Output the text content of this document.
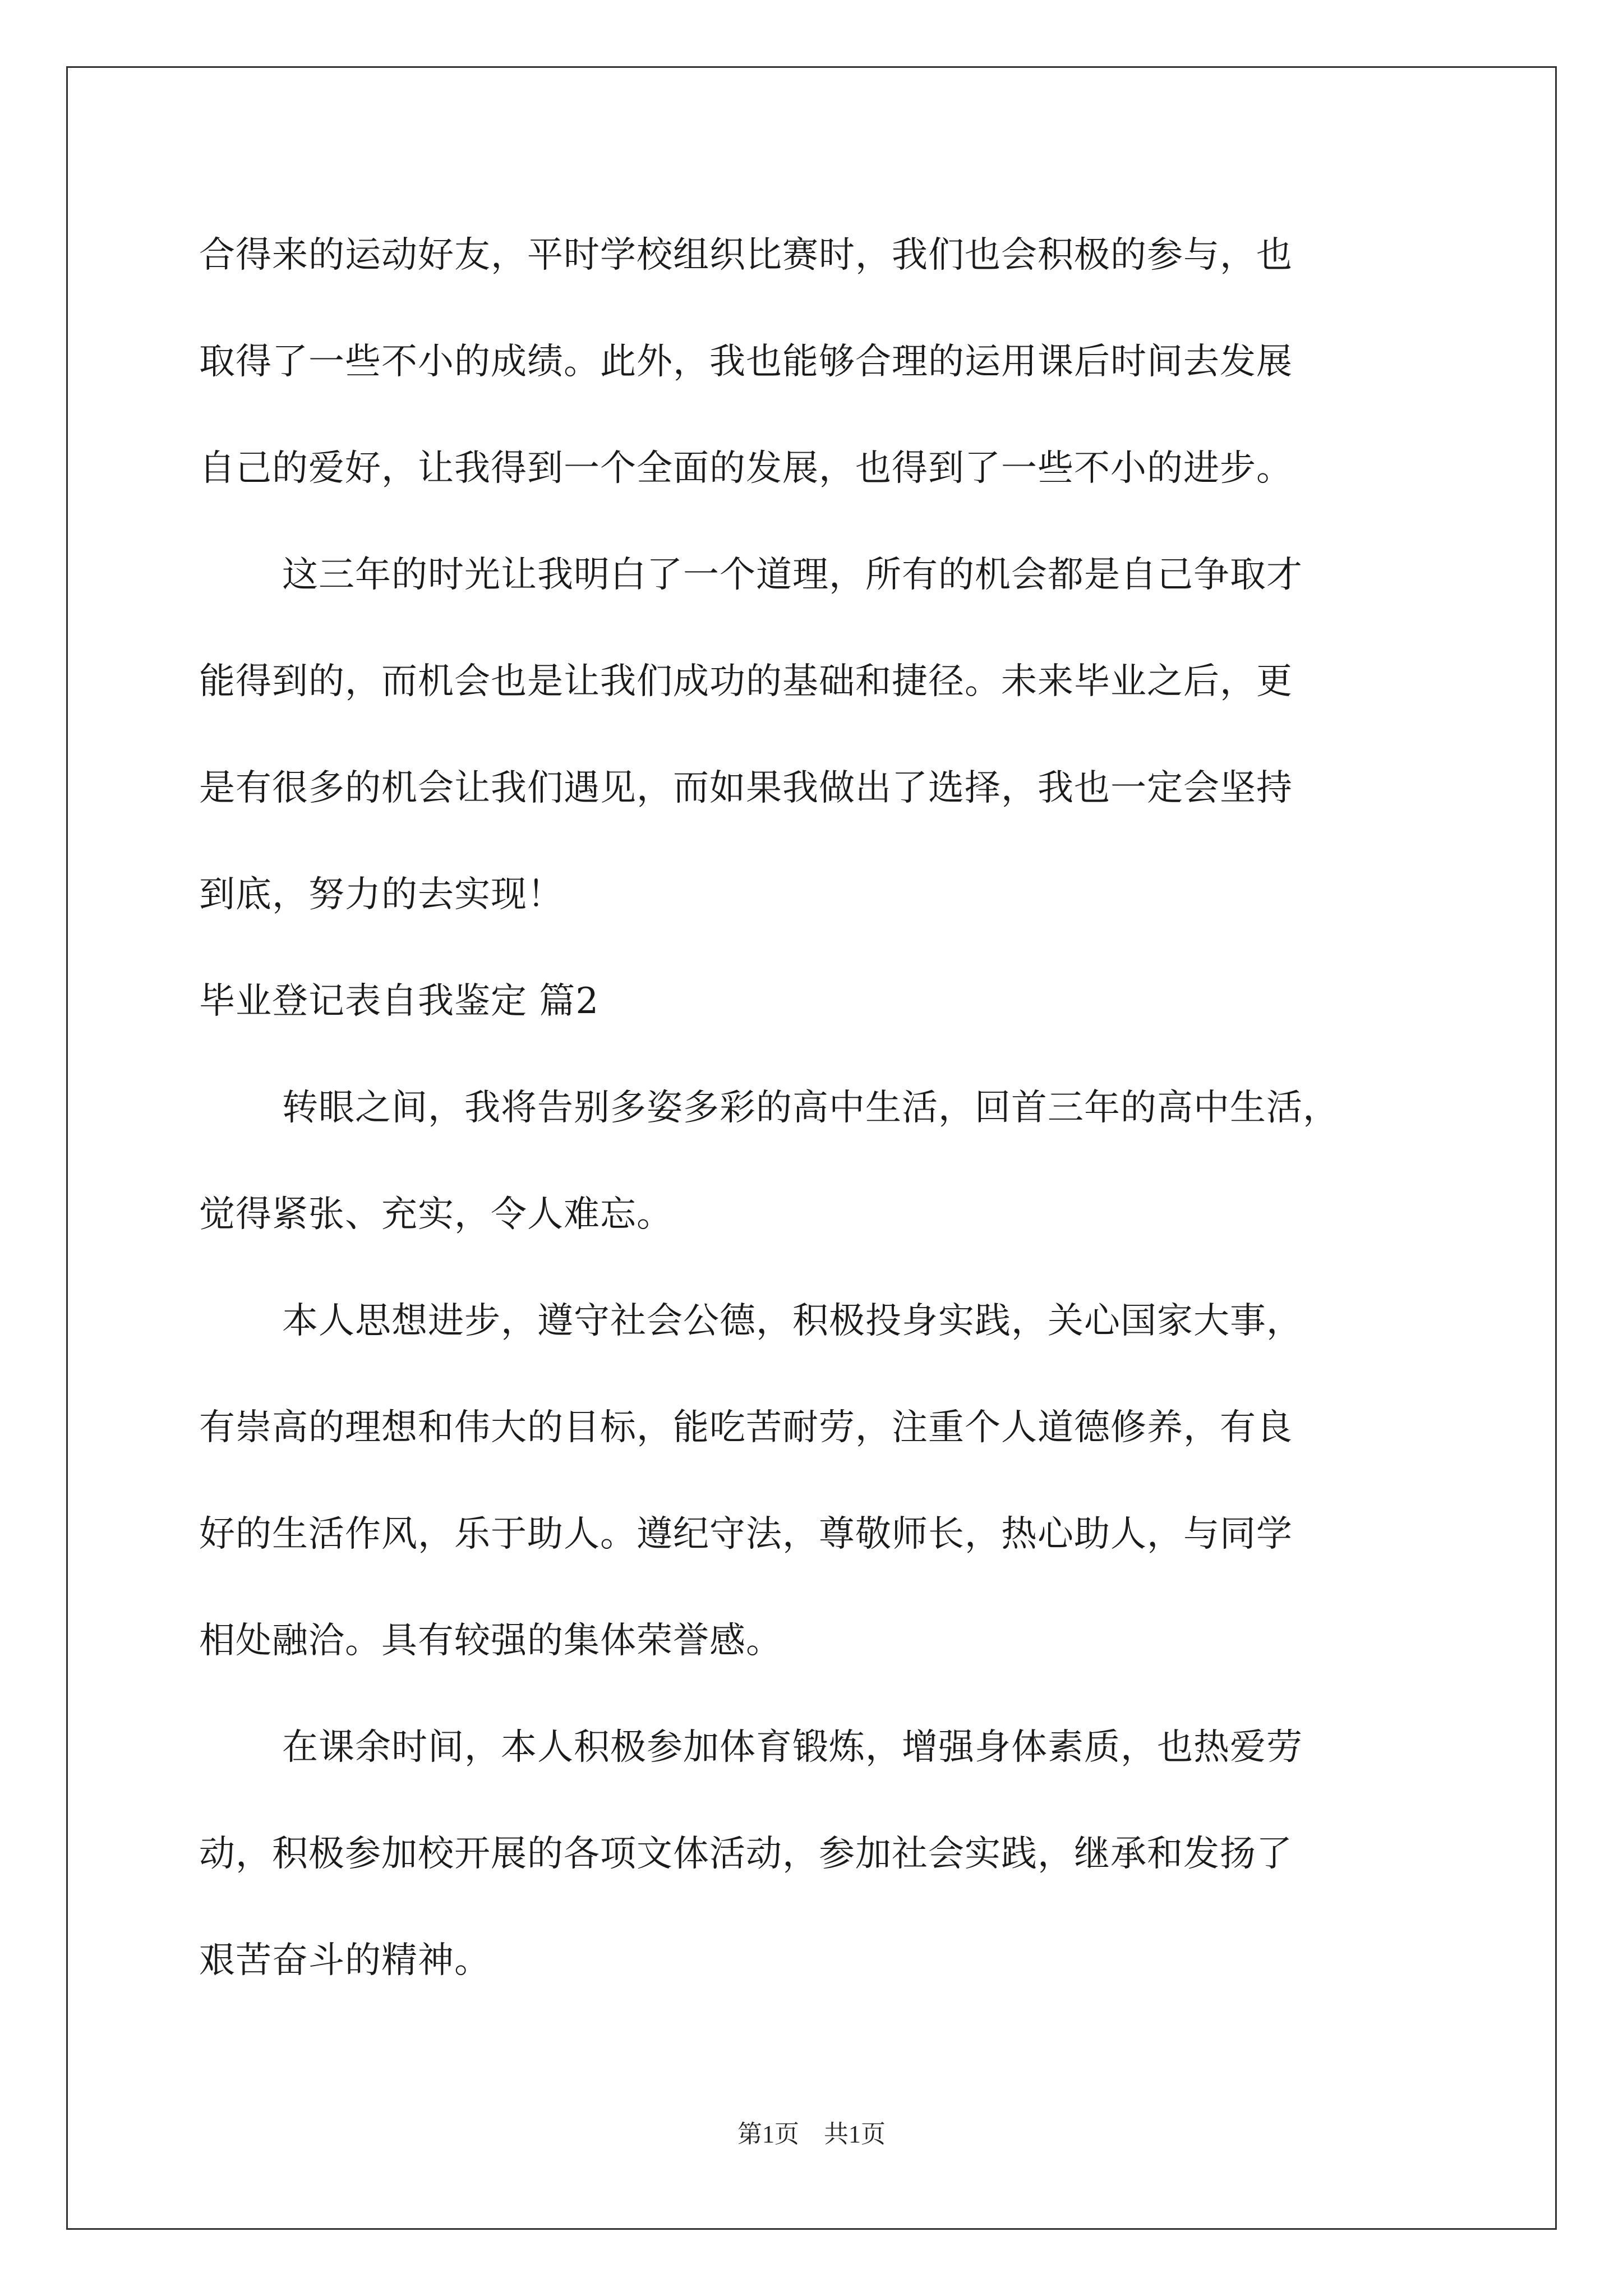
合得来的运动好友，平时学校组织比赛时，我们也会积极的参与，也
取得了一些不小的成绩。此外，我也能够合理的运用课后时间去发展
自己的爱好，让我得到一个全面的发展，也得到了一些不小的进步。
这三年的时光让我明白了一个道理，所有的机会都是自己争取才
能得到的，而机会也是让我们成功的基础和捷径。未来毕业之后，更
是有很多的机会让我们遇见，而如果我做出了选择，我也一定会坚持
到底，努力的去实现！
毕业登记表自我鉴定 篇2
转眼之间，我将告别多姿多彩的高中生活，回首三年的高中生活，
觉得紧张、充实，令人难忘。
本人思想进步，遵守社会公德，积极投身实践，关心国家大事，
有崇高的理想和伟大的目标，能吃苦耐劳，注重个人道德修养，有良
好的生活作风，乐于助人。遵纪守法，尊敬师长，热心助人，与同学
相处融洽。具有较强的集体荣誉感。
在课余时间，本人积极参加体育锻炼，增强身体素质，也热爱劳
动，积极参加校开展的各项文体活动，参加社会实践，继承和发扬了
艰苦奋斗的精神。
第1页　共1页
